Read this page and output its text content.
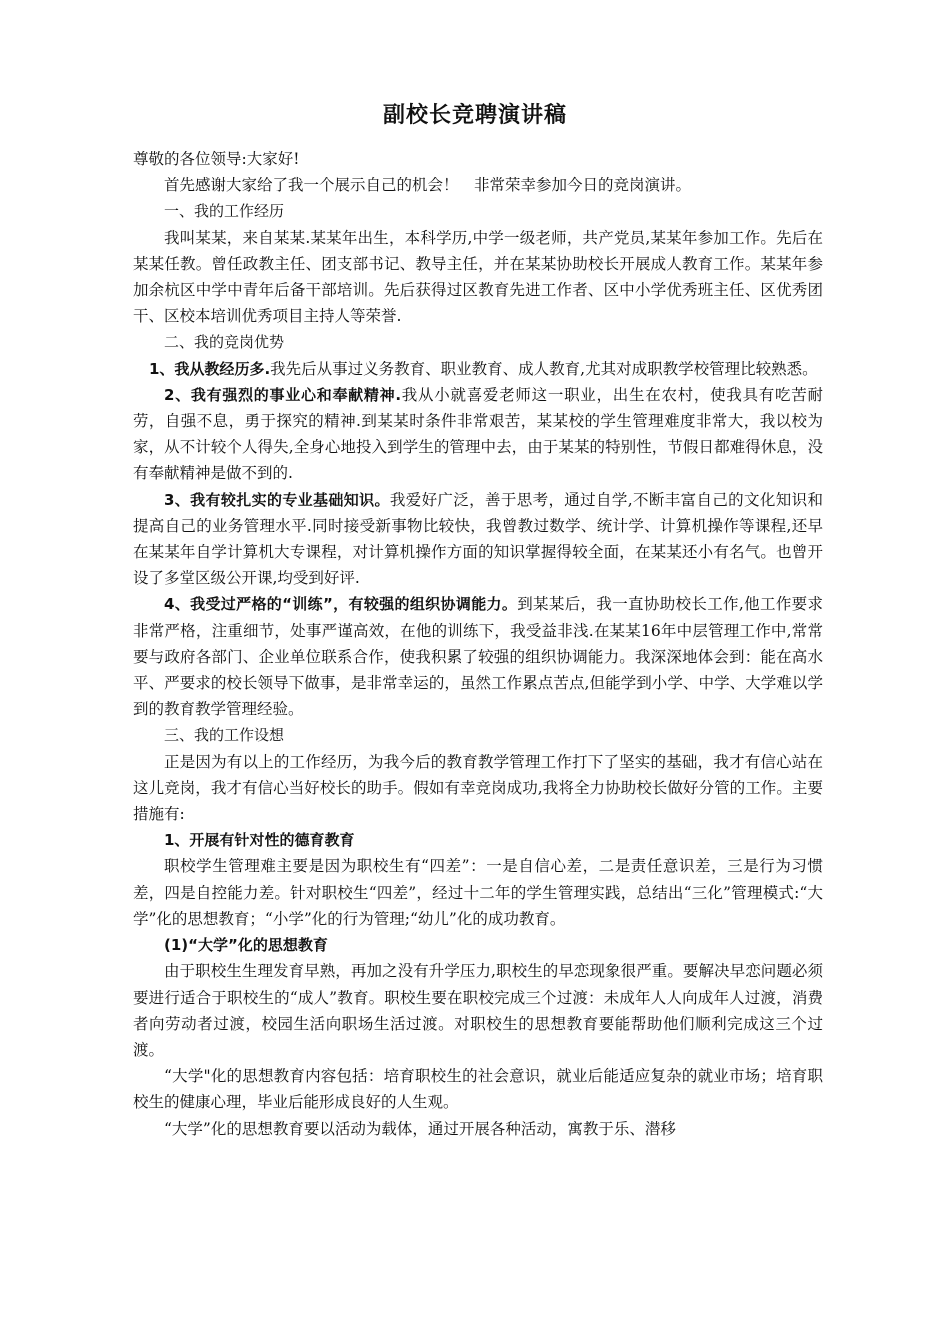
副校长竞聘演讲稿

尊敬的各位领导:大家好!

首先感谢大家给了我一个展示自己的机会！　非常荣幸参加今日的竞岗演讲。

一、我的工作经历

我叫某某，来自某某.某某年出生，本科学历,中学一级老师，共产党员,某某年参加工作。先后在某某任教。曾任政教主任、团支部书记、教导主任，并在某某协助校长开展成人教育工作。某某年参加余杭区中学中青年后备干部培训。先后获得过区教育先进工作者、区中小学优秀班主任、区优秀团干、区校本培训优秀项目主持人等荣誉.

二、我的竞岗优势

1、我从教经历多.我先后从事过义务教育、职业教育、成人教育,尤其对成职教学校管理比较熟悉。

2、我有强烈的事业心和奉献精神.我从小就喜爱老师这一职业，出生在农村，使我具有吃苦耐劳，自强不息，勇于探究的精神.到某某时条件非常艰苦，某某校的学生管理难度非常大，我以校为家，从不计较个人得失,全身心地投入到学生的管理中去，由于某某的特别性，节假日都难得休息，没有奉献精神是做不到的.

3、我有较扎实的专业基础知识。我爱好广泛，善于思考，通过自学,不断丰富自己的文化知识和提高自己的业务管理水平.同时接受新事物比较快，我曾教过数学、统计学、计算机操作等课程,还早在某某年自学计算机大专课程，对计算机操作方面的知识掌握得较全面，在某某还小有名气。也曾开设了多堂区级公开课,均受到好评.

4、我受过严格的“训练”，有较强的组织协调能力。到某某后，我一直协助校长工作,他工作要求非常严格，注重细节，处事严谨高效，在他的训练下，我受益非浅.在某某16年中层管理工作中,常常要与政府各部门、企业单位联系合作，使我积累了较强的组织协调能力。我深深地体会到：能在高水平、严要求的校长领导下做事，是非常幸运的，虽然工作累点苦点,但能学到小学、中学、大学难以学到的教育教学管理经验。

三、我的工作设想

正是因为有以上的工作经历，为我今后的教育教学管理工作打下了坚实的基础，我才有信心站在这儿竞岗，我才有信心当好校长的助手。假如有幸竞岗成功,我将全力协助校长做好分管的工作。主要措施有:

1、开展有针对性的德育教育

职校学生管理难主要是因为职校生有“四差”：一是自信心差，二是责任意识差，三是行为习惯差，四是自控能力差。针对职校生“四差”，经过十二年的学生管理实践，总结出“三化”管理模式:“大学”化的思想教育；“小学”化的行为管理;“幼儿”化的成功教育。

(1)“大学”化的思想教育

由于职校生生理发育早熟，再加之没有升学压力,职校生的早恋现象很严重。要解决早恋问题必须要进行适合于职校生的“成人”教育。职校生要在职校完成三个过渡：未成年人人向成年人过渡，消费者向劳动者过渡，校园生活向职场生活过渡。对职校生的思想教育要能帮助他们顺利完成这三个过渡。

“大学"化的思想教育内容包括：培育职校生的社会意识，就业后能适应复杂的就业市场；培育职校生的健康心理，毕业后能形成良好的人生观。

“大学”化的思想教育要以活动为载体，通过开展各种活动，寓教于乐、潜移
